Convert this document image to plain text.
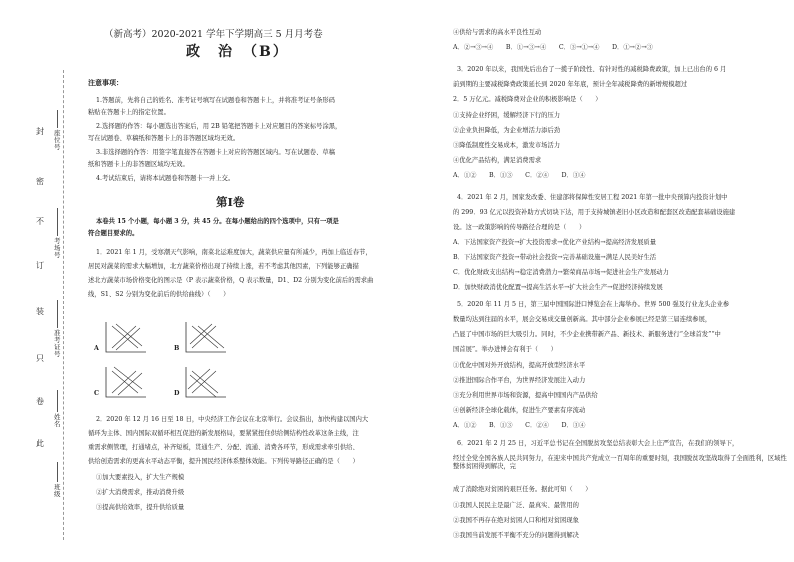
封
密
不
订
装
只
卷
此
座位号
考场号
准考证号
姓名
班级
（新高考）2020-2021 学年下学期高三 5 月月考卷
政　治　（B）
注意事项：
1.答题前，先将自己的姓名、准考证号填写在试题卷和答题卡上，并将准考证号条形码
粘贴在答题卡上的指定位置。
2.选择题的作答：每小题选出答案后，用 2B 铅笔把答题卡上对应题目的答案标号涂黑，
写在试题卷、草稿纸和答题卡上的非答题区域均无效。
3.非选择题的作答：用签字笔直接答在答题卡上对应的答题区域内。写在试题卷、草稿
纸和答题卡上的非答题区域均无效。
4.考试结束后，请将本试题卷和答题卡一并上交。
第Ⅰ卷
本卷共 15 个小题，每小题 3 分，共 45 分。在每小题给出的四个选项中，只有一项是
符合题目要求的。
1．2021 年 1 月，受寒潮天气影响，南菜北运难度加大，蔬菜供应量有所减少，再加上临近春节，
居民对蔬菜的需求大幅增加，北方蔬菜价格出现了持续上涨，若不考虑其他因素，下列能够正确描
述北方蔬菜市场价格变化的图示是（P 表示蔬菜价格，Q 表示数量，D1、D2 分别为变化前后的需求曲
线，S1、S2 分别为变化前后的供给曲线）（　　）
A	B
C	D
2．2020 年 12 月 16 日至 18 日，中央经济工作会议在北京举行。会议指出，加快构建以国内大
循环为主体、国内国际双循环相互促进的新发展格局，要紧紧扭住供给侧结构性改革这条主线，注
重需求侧管理，打通堵点，补齐短板，贯通生产、分配、流通、消费各环节，形成需求牵引供给、
供给创造需求的更高水平动态平衡，提升国民经济体系整体效能。下列传导路径正确的是（　　）
①加大要素投入，扩大生产规模
②扩大消费需求，推动消费升级
③提高供给效率，提升供给质量
④供给与需求的高水平良性互动
A．②→③→④　　B．①→③→④　　C．③→①→④　　D．①→②→③
3．2020 年以来，我国先后出台了一揽子阶段性、有针对性的减税降费政策，加上已出台的 6 月
前到期的主要减税降费政策延长到 2020 年年底，预计全年减税降费的新增规模超过
2．5 万亿元。减税降费对企业的积极影响是（　　）
①支持企业纾困，缓解经济下行的压力
②企业负担降低，为企业增活力添后劲
③降低制度性交易成本，激发市场活力
④优化产品结构，满足消费需求
A．①②　　B．①③　　C．②④　　D．③④
4．2021 年 2 月，国家发改委、住建部将保障性安居工程 2021 年第一批中央预算内投资计划中
的 299．93 亿元以投资补助方式切块下达，用于支持城镇老旧小区改造和配套区改造配套基础设施建
设。这一政策影响的传导路径合理的是（　　）
A．下达国家资产投资→扩大投资需求→优化产业结构→提高经济发展质量
B．下达国家资产投资→带动社会投资→完善基础设施→满足人民美好生活
C．优化财政支出结构→稳定消费潜力→繁荣商品市场→促进社会生产发展动力
D．加快财政消优化配置→提高生活水平→扩大社会生产→促进经济持续发展
5．2020 年 11 月 5 日，第三届中国国际进口博览会在上海举办。世界 500 强及行业龙头企业参
数量均达到往届的水平，展会交易成交量创新高。其中部分企业参展已经是第三届连续参展，
凸显了中国市场的巨大吸引力。同时，不少企业携带新产品、新技术、新服务进行“全球首发”“中
国首展”。举办进博会有利于（　　）
①优化中国对外开放结构，提高开放型经济水平
②推进国际合作平台，为世界经济发展注入动力
③充分利用世界市场和资源，提高中国国内产品供给
④创新经济全球化载体，促进生产要素有序流动
A．①②　　B．①③　　C．②④　　D．③④
6．2021 年 2 月 25 日，习近平总书记在全国脱贫攻坚总结表彰大会上庄严宣告，在我们的领导下，
经过全党全国各族人民共同努力，在迎来中国共产党成立一百周年的重要时刻，我国脱贫攻坚战取得了全面胜利，区域性整体贫困得到解决，完
成了消除绝对贫困的艰巨任务。据此可知（　　）
①我国人民民主是最广泛、最真实、最管用的
②我国不再存在绝对贫困人口和相对贫困现象
③我国当前发展不平衡不充分的问题得到解决
